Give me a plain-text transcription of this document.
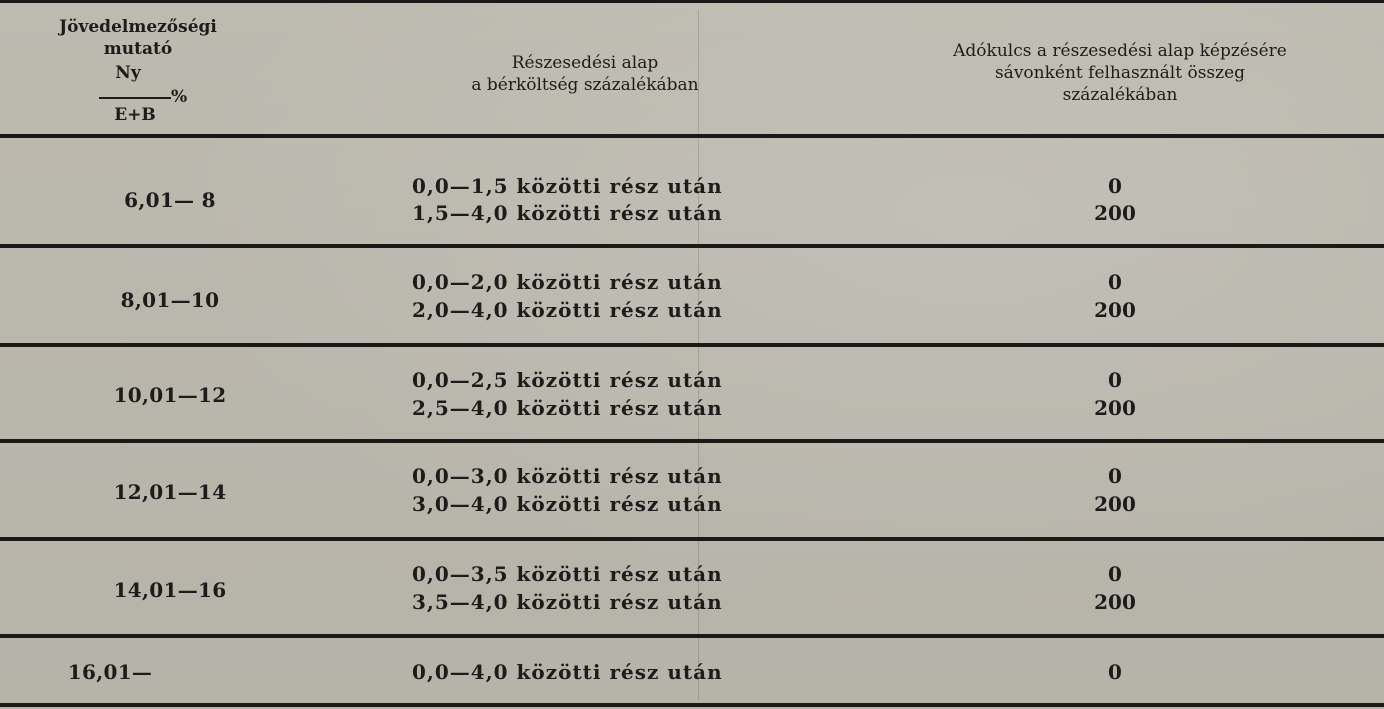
Jövedelmezőségi
mutató
Ny
%
E+B
Részesedési alap
a bérköltség százalékában
Adókulcs a részesedési alap képzésére
sávonként felhasznált összeg
százalékában
6,01— 8
0,0—1,5 közötti rész után
1,5—4,0 közötti rész után
0
200
8,01—10
0,0—2,0 közötti rész után
2,0—4,0 közötti rész után
0
200
10,01—12
0,0—2,5 közötti rész után
2,5—4,0 közötti rész után
0
200
12,01—14
0,0—3,0 közötti rész után
3,0—4,0 közötti rész után
0
200
14,01—16
0,0—3,5 közötti rész után
3,5—4,0 közötti rész után
0
200
16,01—	0,0—4,0 közötti rész után	0
